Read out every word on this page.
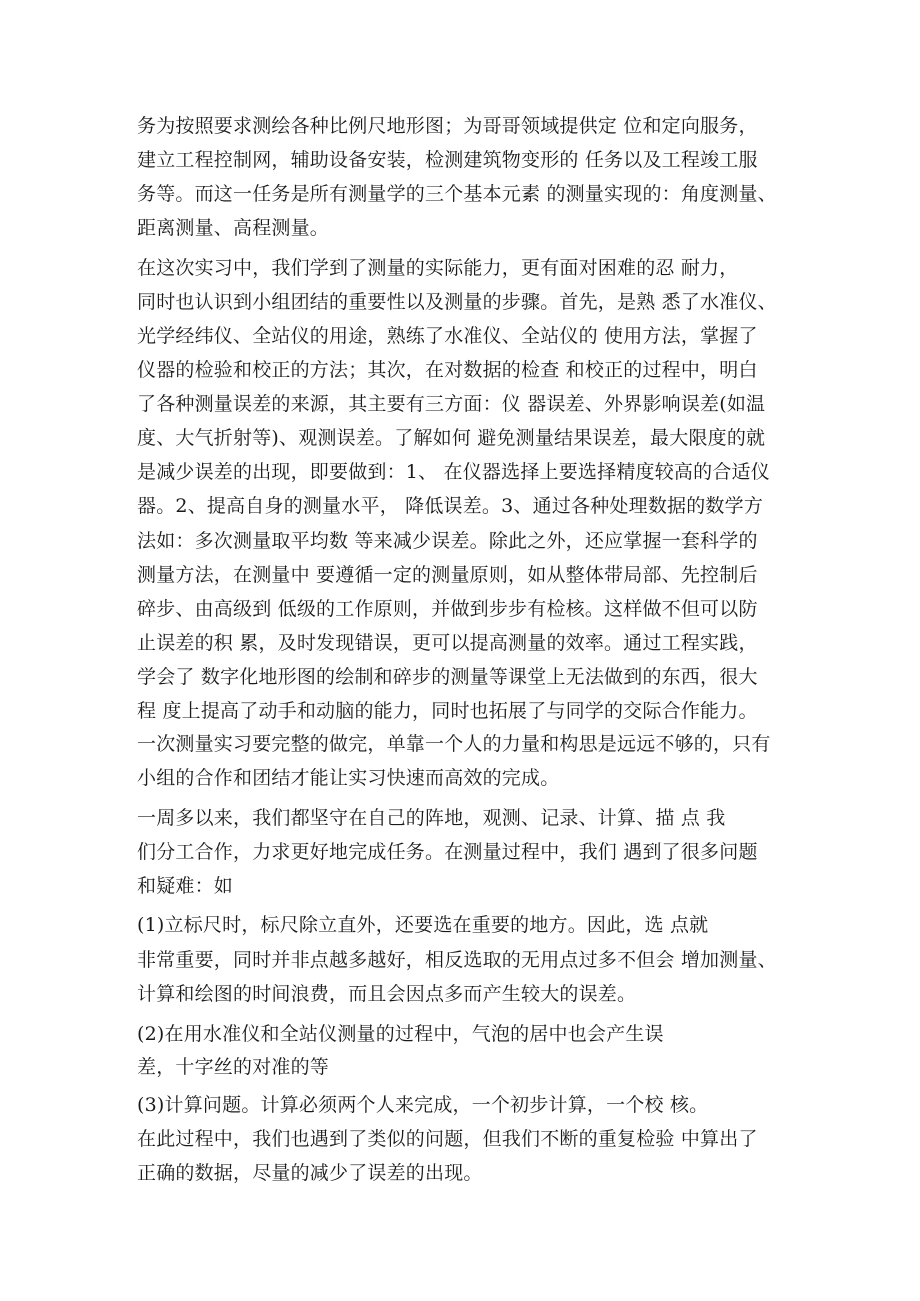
务为按照要求测绘各种比例尺地形图；为哥哥领域提供定 位和定向服务，
建立工程控制网，辅助设备安装，检测建筑物变形的 任务以及工程竣工服
务等。而这一任务是所有测量学的三个基本元素 的测量实现的：角度测量、
距离测量、高程测量。
在这次实习中，我们学到了测量的实际能力，更有面对困难的忍 耐力，
同时也认识到小组团结的重要性以及测量的步骤。首先，是熟 悉了水准仪、
光学经纬仪、全站仪的用途，熟练了水准仪、全站仪的 使用方法，掌握了
仪器的检验和校正的方法；其次，在对数据的检查 和校正的过程中，明白
了各种测量误差的来源，其主要有三方面：仪 器误差、外界影响误差(如温
度、大气折射等)、观测误差。了解如何 避免测量结果误差，最大限度的就
是减少误差的出现，即要做到：1、 在仪器选择上要选择精度较高的合适仪
器。2、提高自身的测量水平， 降低误差。3、通过各种处理数据的数学方
法如：多次测量取平均数 等来减少误差。除此之外，还应掌握一套科学的
测量方法，在测量中 要遵循一定的测量原则，如从整体带局部、先控制后
碎步、由高级到 低级的工作原则，并做到步步有检核。这样做不但可以防
止误差的积 累，及时发现错误，更可以提高测量的效率。通过工程实践，
学会了 数字化地形图的绘制和碎步的测量等课堂上无法做到的东西，很大
程 度上提高了动手和动脑的能力，同时也拓展了与同学的交际合作能力。
一次测量实习要完整的做完，单靠一个人的力量和构思是远远不够的，只有
小组的合作和团结才能让实习快速而高效的完成。
一周多以来，我们都坚守在自己的阵地，观测、记录、计算、描 点 我
们分工合作，力求更好地完成任务。在测量过程中，我们 遇到了很多问题
和疑难：如
(1)立标尺时，标尺除立直外，还要选在重要的地方。因此，选 点就
非常重要，同时并非点越多越好，相反选取的无用点过多不但会 增加测量、
计算和绘图的时间浪费，而且会因点多而产生较大的误差。
(2)在用水准仪和全站仪测量的过程中，气泡的居中也会产生误
差，十字丝的对准的等
(3)计算问题。计算必须两个人来完成，一个初步计算，一个校 核。
在此过程中，我们也遇到了类似的问题，但我们不断的重复检验 中算出了
正确的数据，尽量的减少了误差的出现。
